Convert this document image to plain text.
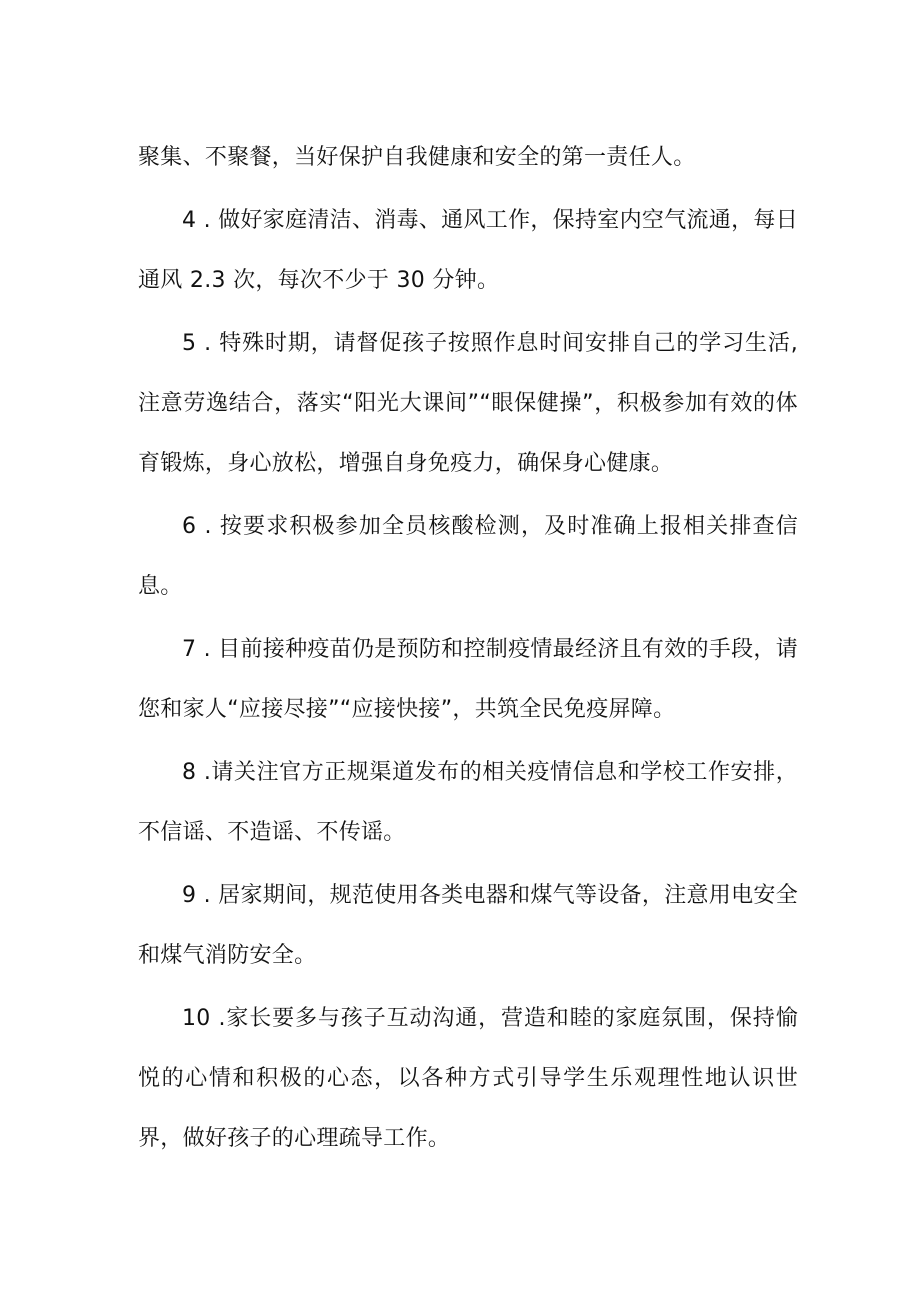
聚集、不聚餐，当好保护自我健康和安全的第一责任人。

4 . 做好家庭清洁、消毒、通风工作，保持室内空气流通，每日通风 2.3 次，每次不少于 30 分钟。

5 . 特殊时期，请督促孩子按照作息时间安排自己的学习生活,注意劳逸结合，落实“阳光大课间”“眼保健操”，积极参加有效的体育锻炼，身心放松，增强自身免疫力，确保身心健康。

6 . 按要求积极参加全员核酸检测，及时准确上报相关排查信息。

7 . 目前接种疫苗仍是预防和控制疫情最经济且有效的手段，请您和家人“应接尽接”“应接快接”，共筑全民免疫屏障。

8 .请关注官方正规渠道发布的相关疫情信息和学校工作安排，不信谣、不造谣、不传谣。

9 . 居家期间，规范使用各类电器和煤气等设备，注意用电安全和煤气消防安全。

10 .家长要多与孩子互动沟通，营造和睦的家庭氛围，保持愉悦的心情和积极的心态，以各种方式引导学生乐观理性地认识世界，做好孩子的心理疏导工作。
